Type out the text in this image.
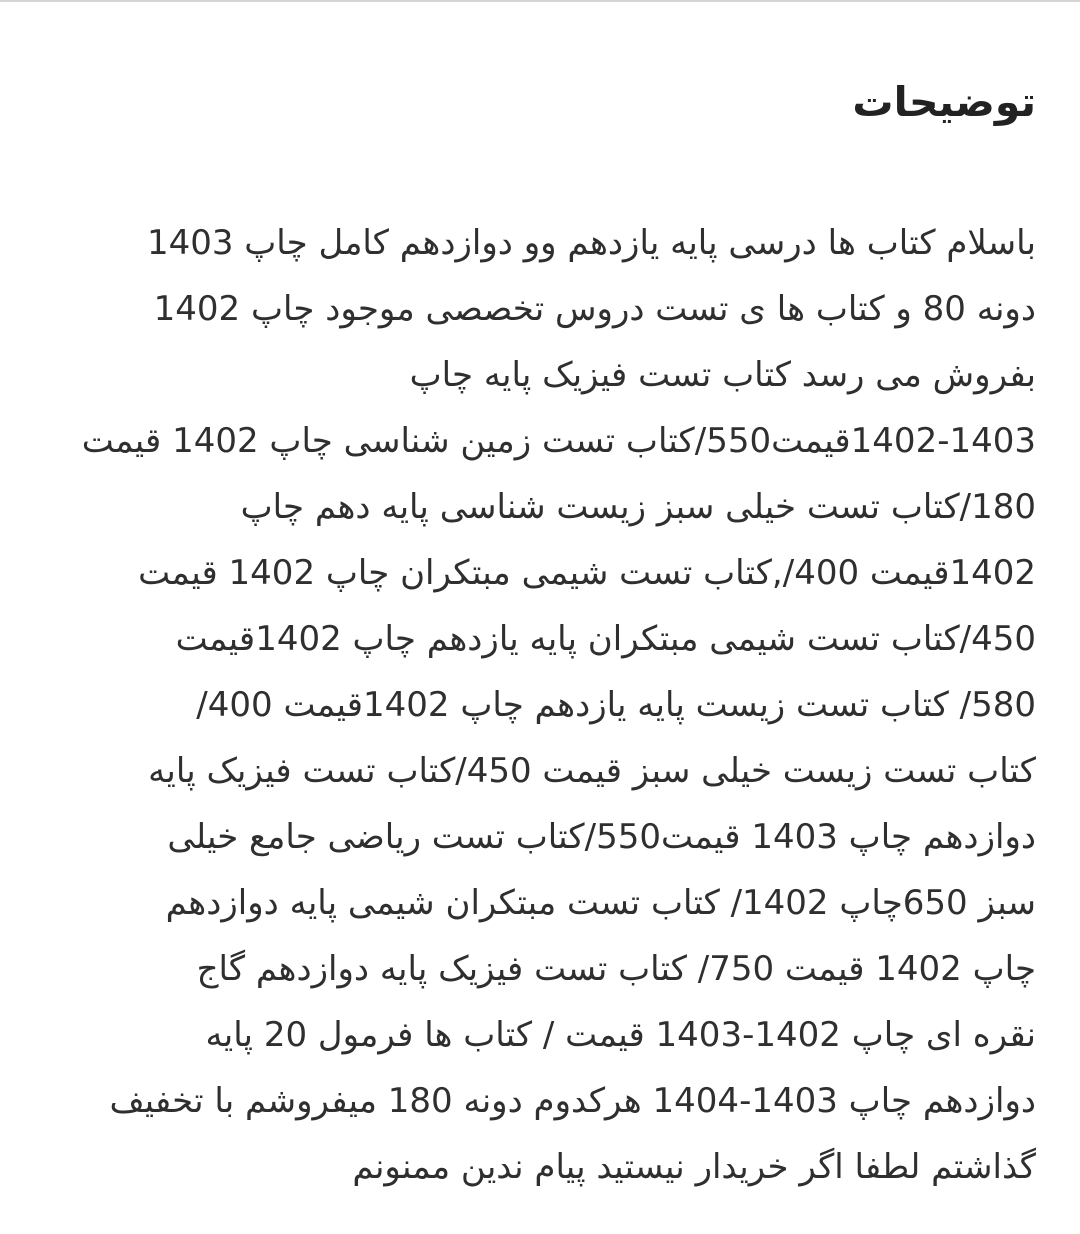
توضیحات
باسلام کتاب ها درسی پایه یازدهم وو دوازدهم کامل چاپ 1403
دونه 80 و کتاب ها ی تست دروس تخصصی موجود چاپ 1402
بفروش می رسد کتاب تست فیزیک پایه چاپ
1402-1403قیمت550/کتاب تست زمین شناسی چاپ 1402 قیمت
180/کتاب تست خیلی سبز زیست شناسی پایه دهم چاپ
1402قیمت 400/,کتاب تست شیمی مبتکران چاپ 1402 قیمت
450/کتاب تست شیمی مبتکران پایه یازدهم چاپ 1402قیمت
580/ کتاب تست زیست پایه یازدهم چاپ 1402قیمت 400/
کتاب تست زیست خیلی سبز قیمت 450/کتاب تست فیزیک پایه
دوازدهم چاپ 1403 قیمت550/کتاب تست ریاضی جامع خیلی
سبز 650چاپ 1402/ کتاب تست مبتکران شیمی پایه دوازدهم
چاپ 1402 قیمت 750/ کتاب تست فیزیک پایه دوازدهم گاج
نقره ای چاپ 1402-1403 قیمت / کتاب ها فرمول 20 پایه
دوازدهم چاپ 1403-1404 هرکدوم دونه 180 میفروشم با تخفیف
گذاشتم لطفا اگر خریدار نیستید پیام ندین ممنونم
